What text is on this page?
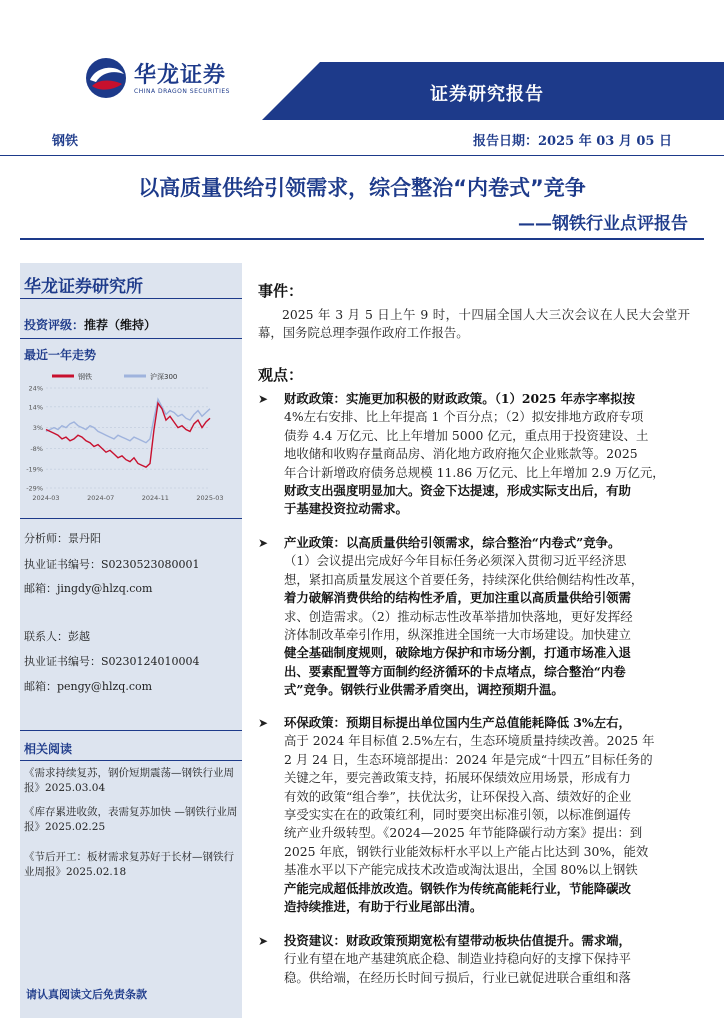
华龙证券
CHINA DRAGON SECURITIES	证券研究报告
钢铁	报告日期：2025 年 03 月 05 日
以高质量供给引领需求，综合整治“内卷式”竞争
——钢铁行业点评报告
华龙证券研究所
投资评级：推荐（维持）
最近一年走势
钢铁	沪深300
24%
14%
3%
-8%
-19%
-29%
2024-03	2024-07	2024-11	2025-03
分析师：景丹阳
执业证书编号：S0230523080001
邮箱：jingdy@hlzq.com
联系人：彭越
执业证书编号：S0230124010004
邮箱：pengy@hlzq.com
相关阅读
《需求持续复苏，钢价短期震荡—钢铁行业周报》2025.03.04
《库存累进收敛，表需复苏加快 —钢铁行业周报》2025.02.25
《节后开工：板材需求复苏好于长材—钢铁行业周报》2025.02.18
请认真阅读文后免责条款
事件：
2025 年 3 月 5 日上午 9 时，十四届全国人大三次会议在人民大会堂开幕，国务院总理李强作政府工作报告。
观点：
➤ 财政政策：实施更加积极的财政政策。（1）2025 年赤字率拟按
4%左右安排、比上年提高 1 个百分点；（2）拟安排地方政府专项
债券 4.4 万亿元、比上年增加 5000 亿元，重点用于投资建设、土
地收储和收购存量商品房、消化地方政府拖欠企业账款等。2025
年合计新增政府债务总规模 11.86 万亿元、比上年增加 2.9 万亿元，
财政支出强度明显加大。资金下达提速，形成实际支出后，有助
于基建投资拉动需求。
➤ 产业政策：以高质量供给引领需求，综合整治“内卷式”竞争。
（1）会议提出完成好今年目标任务必须深入贯彻习近平经济思
想，紧扣高质量发展这个首要任务，持续深化供给侧结构性改革，
着力破解消费供给的结构性矛盾，更加注重以高质量供给引领需
求、创造需求。（2）推动标志性改革举措加快落地，更好发挥经
济体制改革牵引作用，纵深推进全国统一大市场建设。加快建立
健全基础制度规则，破除地方保护和市场分割，打通市场准入退
出、要素配置等方面制约经济循环的卡点堵点，综合整治“内卷
式”竞争。钢铁行业供需矛盾突出，调控预期升温。
➤ 环保政策：预期目标提出单位国内生产总值能耗降低 3%左右，
高于 2024 年目标值 2.5%左右，生态环境质量持续改善。2025 年
2 月 24 日，生态环境部提出：2024 年是完成“十四五”目标任务的
关键之年，要完善政策支持，拓展环保绩效应用场景，形成有力
有效的政策“组合拳”，扶优汰劣，让环保投入高、绩效好的企业
享受实实在在的政策红利，同时要突出标准引领，以标准倒逼传
统产业升级转型。《2024—2025 年节能降碳行动方案》提出：到
2025 年底，钢铁行业能效标杆水平以上产能占比达到 30%，能效
基准水平以下产能完成技术改造或淘汰退出，全国 80%以上钢铁
产能完成超低排放改造。钢铁作为传统高能耗行业，节能降碳改
造持续推进，有助于行业尾部出清。
➤ 投资建议：财政政策预期宽松有望带动板块估值提升。需求端，
行业有望在地产基建筑底企稳、制造业持稳向好的支撑下保持平
稳。供给端，在经历长时间亏损后，行业已就促进联合重组和落
